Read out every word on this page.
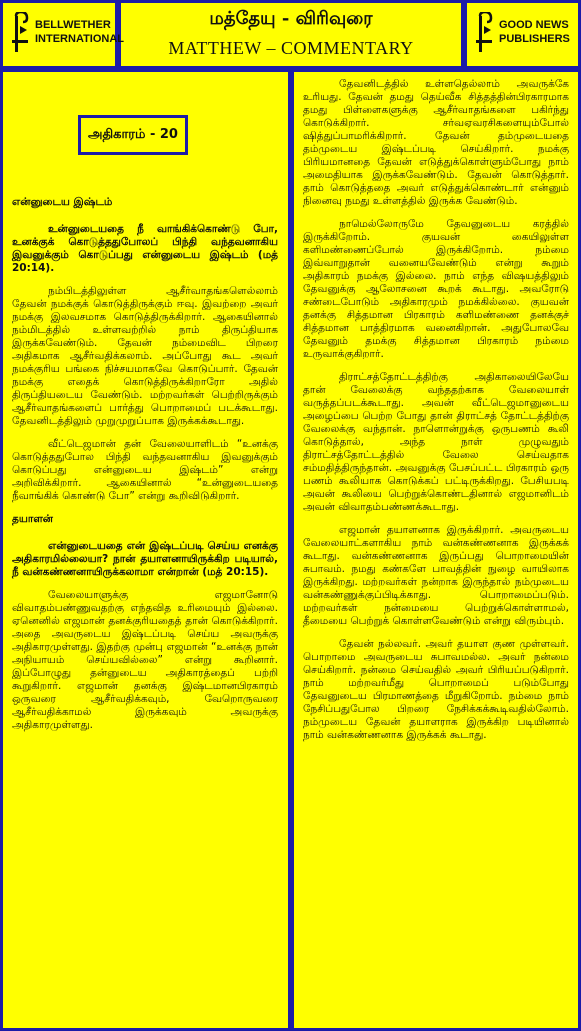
BELLWETHER
INTERNATIONAL
மத்தேயு - விரிவுரை
MATTHEW – COMMENTARY
GOOD NEWS
PUBLISHERS
அதிகாரம் - 20

என்னுடைய இஷ்டம்

உன்னுடையதை நீ வாங்கிக்கொண்டு போ, உனக்குக் கொடுத்ததுபோலப் பிந்தி வந்தவனாகிய இவனுக்கும் கொடுப்பது என்னுடைய இஷ்டம் (மத் 20:14).

நம்பிடத்திலுள்ள ஆசீர்வாதங்களெல்லாம் தேவன் நமக்குக் கொடுத்திருக்கும் ஈவு. இவற்றை அவர் நமக்கு இலவசமாக கொடுத்திருக்கிறார். ஆகையினால் நம்மிடத்தில் உள்ளவற்றில் நாம் திருப்தியாக இருக்கவேண்டும். தேவன் நம்மைவிட பிறரை அதிகமாக ஆசீர்வதிக்கலாம். அப்போது கூட அவர் நமக்குரிய பங்கை நிச்சயமாகவே கொடுப்பார். தேவன் நமக்கு எதைக் கொடுத்திருக்கிறாரோ அதில் திருப்தியடைய வேண்டும். மற்றவர்கள் பெற்றிருக்கும் ஆசீர்வாதங்களைப் பார்த்து பொறாமைப் படக்கூடாது. தேவனிடத்திலும் முறுமுறுப்பாக இருக்கக்கூடாது.

வீட்டெஜமான் தன் வேலையாளிடம் “உனக்கு கொடுத்ததுபோல பிந்தி வந்தவனாகிய இவனுக்கும் கொடுப்பது என்னுடைய இஷ்டம்” என்று அறிவிக்கிறார். ஆகையினால் “உன்னுடையதை நீவாங்கிக் கொண்டு போ” என்று கூறிவிடுகிறார்.

தயாளன்

என்னுடையதை என் இஷ்டப்படி செய்ய எனக்கு அதிகாரமில்லையா? நான் தயாளனாயிருக்கிற படியால், நீ வன்கண்ணனாயிருக்கலாமா என்றான் (மத் 20:15).

வேலையாளுக்கு எஜமானோடு விவாதம்பண்ணுவதற்கு எந்தவித உரிமையும் இல்லை. ஏனெனில் எஜமான் தனக்குரியதைத் தான் கொடுக்கிறார். அதை அவருடைய இஷ்டப்படி செய்ய அவருக்கு அதிகாரமுள்ளது. இதற்கு முன்பு எஜமான் “உனக்கு நான் அநியாயம் செய்யவில்லை” என்று கூறினார். இப்போழுது தன்னுடைய அதிகாரத்தைப் பற்றி கூறுகிறார். எஜமான் தனக்கு இஷ்டமானபிரகாரம் ஒருவரை ஆசீர்வதிக்கவும், வேறொருவரை ஆசீர்வதிக்காமல் இருக்கவும் அவருக்கு அதிகாரமுள்ளது.

தேவனிடத்தில் உள்ளதெல்லாம் அவருக்கே உரியது. தேவன் தமது தெய்வீக சித்தத்தின்பிரகாரமாக தமது பிள்ளைகளுக்கு ஆசீர்வாதங்களை பகிர்ந்து கொடுக்கிறார். சர்வஏவரசிகளையும்போல் ஷித்துப்பாமரிக்கிறார். தேவன் தம்முடையதை தம்முடைய இஷ்டப்படி செய்கிறார். நமக்கு பிரியமானதை தேவன் எடுத்துக்கொள்ளும்போது நாம் அமைதியாக இருக்கவேண்டும். தேவன் கொடுத்தார். தாம் கொடுத்ததை அவர் எடுத்துக்கொண்டார் என்னும் நினைவு நமது உள்ளத்தில் இருக்க வேண்டும்.

நாமெல்லோருமே தேவனுடைய கரத்தில் இருக்கிறோம். குயவன் கையிலுள்ள களிமண்ணைப்போல் இருக்கிறோம். நம்மை இவ்வாறுதான் வனையவேண்டும் என்று கூறும் அதிகாரம் நமக்கு இல்லை. நாம் எந்த விஷயத்திலும் தேவனுக்கு ஆலோசனை கூறக் கூடாது. அவரோடு சண்டைபோடும் அதிகாரமும் நமக்கில்லை. குயவன் தனக்கு சித்தமான பிரகாரம் களிமண்ணை தனக்குச் சித்தமான பாத்திரமாக வனைகிறான். அதுபோலவே தேவனும் தமக்கு சித்தமான பிரகாரம் நம்மை உருவாக்குகிறார்.

திராட்சத்தோட்டத்திற்கு அதிகாலையிலேயே தான் வேலைக்கு வந்ததற்காக வேலையாள் வருத்தப்படக்கூடாது. அவன் வீட்டெஜமானுடைய அழைப்பை பெற்ற போது தான் திராட்சத் தோட்டத்திற்கு வேலைக்கு வந்தான். நாளொன்றுக்கு ஒருபணம் கூலி கொடுத்தால், அந்த நாள் முழுவதும் திராட்சத்தோட்டத்தில் வேலை செய்வதாக சம்மதித்திருந்தான். அவனுக்கு பேசப்பட்ட பிரகாரம் ஒரு பணம் கூலியாக கொடுக்கப் பட்டிருக்கிறது. பேசியபடி அவன் கூலியை பெற்றுக்கொண்டதினால் எஜமானிடம் அவன் விவாதம்பண்ணக்கூடாது.

எஜமான் தயாளனாக இருக்கிறார். அவருடைய வேலையாட்களாகிய நாம் வன்கண்ணனாக இருக்கக் கூடாது. வன்கண்ணனாக இருப்பது பொறாமையின் சுபாவம். நமது கண்களே பாவத்தின் நுழை வாயிலாக இருக்கிறது. மற்றவர்கள் நன்றாக இருந்தால் நம்முடைய வன்கண்ணுக்குப்பிடிக்காது. பொறாமைப்படும். மற்றவர்கள் நன்மையை பெற்றுக்கொள்ளாமல், தீமையை பெற்றுக் கொள்ளவேண்டும் என்று விரும்பும்.

தேவன் நல்லவர். அவர் தயாள குண முள்ளவர். பொறாமை அவருடைய சுபாவமல்ல. அவர் நன்மை செய்கிறார். நன்மை செய்வதில் அவர் பிரியப்படுகிறார். நாம் மற்றவர்மீது பொறாமைப் படும்போது தேவனுடைய பிரமாணத்தை மீறுகிறோம். நம்மை நாம் நேசிப்பதுபோல பிறரை நேசிக்கக்கூடிவதில்லோம். நம்முடைய தேவன் தயாளராக இருக்கிற படியினால் நாம் வன்கண்ணனாக இருக்கக் கூடாது.
